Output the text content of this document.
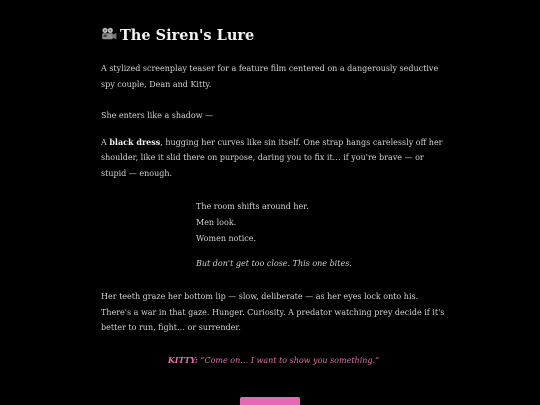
The Siren's Lure

A stylized screenplay teaser for a feature film centered on a dangerously seductive spy couple, Dean and Kitty.

She enters like a shadow —

A black dress, hugging her curves like sin itself. One strap hangs carelessly off her shoulder, like it slid there on purpose, daring you to fix it… if you're brave — or stupid — enough.

The room shifts around her.

Men look.

Women notice.

But don't get too close. This one bites.

Her teeth graze her bottom lip — slow, deliberate — as her eyes lock onto his. There's a war in that gaze. Hunger. Curiosity. A predator watching prey decide if it's better to run, fight… or surrender.

KITTY: “Come on… I want to show you something.”
